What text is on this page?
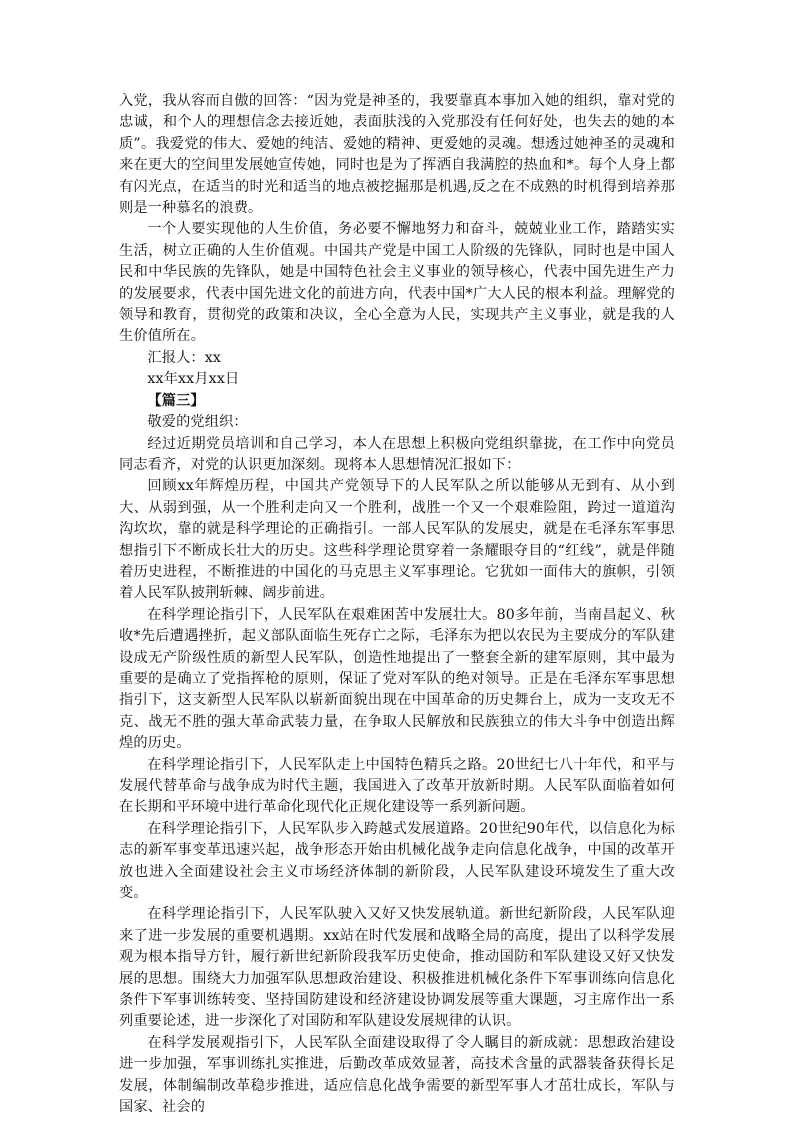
入党，我从容而自傲的回答：“因为党是神圣的，我要靠真本事加入她的组织，靠对党的忠诚，和个人的理想信念去接近她，表面肤浅的入党那没有任何好处，也失去的她的本质”。我爱党的伟大、爱她的纯洁、爱她的精神、更爱她的灵魂。想透过她神圣的灵魂和来在更大的空间里发展她宣传她，同时也是为了挥洒自我满腔的热血和*。每个人身上都有闪光点，在适当的时光和适当的地点被挖掘那是机遇,反之在不成熟的时机得到培养那则是一种慕名的浪费。

一个人要实现他的人生价值，务必要不懈地努力和奋斗，兢兢业业工作，踏踏实实生活，树立正确的人生价值观。中国共产党是中国工人阶级的先锋队，同时也是中国人民和中华民族的先锋队，她是中国特色社会主义事业的领导核心，代表中国先进生产力的发展要求，代表中国先进文化的前进方向，代表中国*广大人民的根本利益。理解党的领导和教育，贯彻党的政策和决议，全心全意为人民，实现共产主义事业，就是我的人生价值所在。

汇报人：xx

xx年xx月xx日

【篇三】

敬爱的党组织：

经过近期党员培训和自己学习，本人在思想上积极向党组织靠拢，在工作中向党员同志看齐，对党的认识更加深刻。现将本人思想情况汇报如下：

回顾xx年辉煌历程，中国共产党领导下的人民军队之所以能够从无到有、从小到大、从弱到强，从一个胜利走向又一个胜利，战胜一个又一个艰难险阻，跨过一道道沟沟坎坎，靠的就是科学理论的正确指引。一部人民军队的发展史，就是在毛泽东军事思想指引下不断成长壮大的历史。这些科学理论贯穿着一条耀眼夺目的“红线”，就是伴随着历史进程，不断推进的中国化的马克思主义军事理论。它犹如一面伟大的旗帜，引领着人民军队披荆斩棘、阔步前进。

在科学理论指引下，人民军队在艰难困苦中发展壮大。80多年前，当南昌起义、秋收*先后遭遇挫折，起义部队面临生死存亡之际，毛泽东为把以农民为主要成分的军队建设成无产阶级性质的新型人民军队，创造性地提出了一整套全新的建军原则，其中最为重要的是确立了党指挥枪的原则，保证了党对军队的绝对领导。正是在毛泽东军事思想指引下，这支新型人民军队以崭新面貌出现在中国革命的历史舞台上，成为一支攻无不克、战无不胜的强大革命武装力量，在争取人民解放和民族独立的伟大斗争中创造出辉煌的历史。

在科学理论指引下，人民军队走上中国特色精兵之路。20世纪七八十年代，和平与发展代替革命与战争成为时代主题，我国进入了改革开放新时期。人民军队面临着如何在长期和平环境中进行革命化现代化正规化建设等一系列新问题。

在科学理论指引下，人民军队步入跨越式发展道路。20世纪90年代，以信息化为标志的新军事变革迅速兴起，战争形态开始由机械化战争走向信息化战争，中国的改革开放也进入全面建设社会主义市场经济体制的新阶段，人民军队建设环境发生了重大改变。

在科学理论指引下，人民军队驶入又好又快发展轨道。新世纪新阶段，人民军队迎来了进一步发展的重要机遇期。xx站在时代发展和战略全局的高度，提出了以科学发展观为根本指导方针，履行新世纪新阶段我军历史使命，推动国防和军队建设又好又快发展的思想。围绕大力加强军队思想政治建设、积极推进机械化条件下军事训练向信息化条件下军事训练转变、坚持国防建设和经济建设协调发展等重大课题，习主席作出一系列重要论述，进一步深化了对国防和军队建设发展规律的认识。

在科学发展观指引下，人民军队全面建设取得了令人瞩目的新成就：思想政治建设进一步加强，军事训练扎实推进，后勤改革成效显著，高技术含量的武器装备获得长足发展，体制编制改革稳步推进，适应信息化战争需要的新型军事人才茁壮成长，军队与国家、社会的
